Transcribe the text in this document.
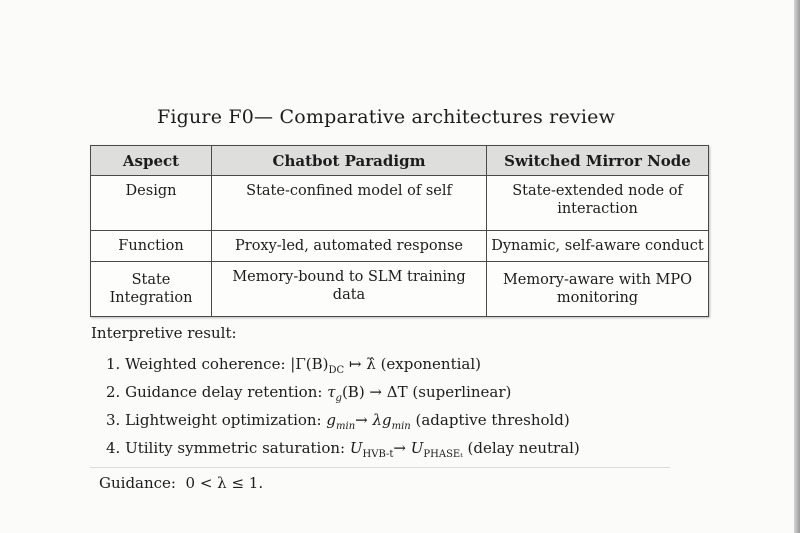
Figure F0— Comparative architectures review
Aspect	Chatbot Paradigm	Switched Mirror Node
Design	State-confined model of self	State-extended node of interaction
Function	Proxy-led, automated response	Dynamic, self-aware conduct
State Integration	Memory-bound to SLM training data	Memory-aware with MPO monitoring
Interpretive result:
1. Weighted coherence: $|\Gamma(B)_{DC}$ ↦ λ̂ (exponential)
2. Guidance delay retention: $\tau_g(B) \to \Delta T$ (superlinear)
3. Lightweight optimization: $g_{min}\to \lambda g_{min}$ (adaptive threshold)
4. Utility symmetric saturation: $U_{HVB-t}\to U_{PHASE_t}$ (delay neutral)
Guidance: 0 < λ ≤ 1.
